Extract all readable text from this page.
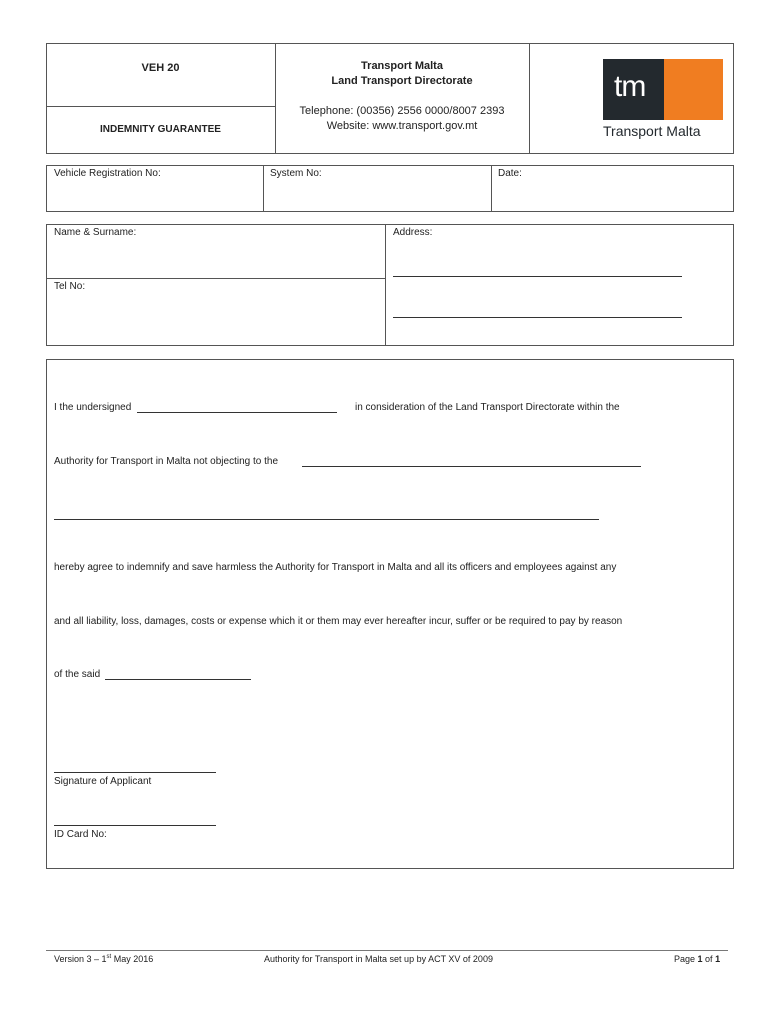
VEH 20
INDEMNITY GUARANTEE
Transport Malta
Land Transport Directorate
Telephone: (00356) 2556 0000/8007 2393
Website: www.transport.gov.mt
tm
Transport Malta
Vehicle Registration No:	System No:	Date:
Name & Surname:
Tel No:
Address:
I the undersigned	in consideration of the Land Transport Directorate within the
Authority for Transport in Malta not objecting to the
hereby agree to indemnify and save harmless the Authority for Transport in Malta and all its officers and employees against any
and all liability, loss, damages, costs or expense which it or them may ever hereafter incur, suffer or be required to pay by reason
of the said
Signature of Applicant
ID Card No:
Version 3 – 1st May 2016	Authority for Transport in Malta set up by ACT XV of 2009	Page 1 of 1
